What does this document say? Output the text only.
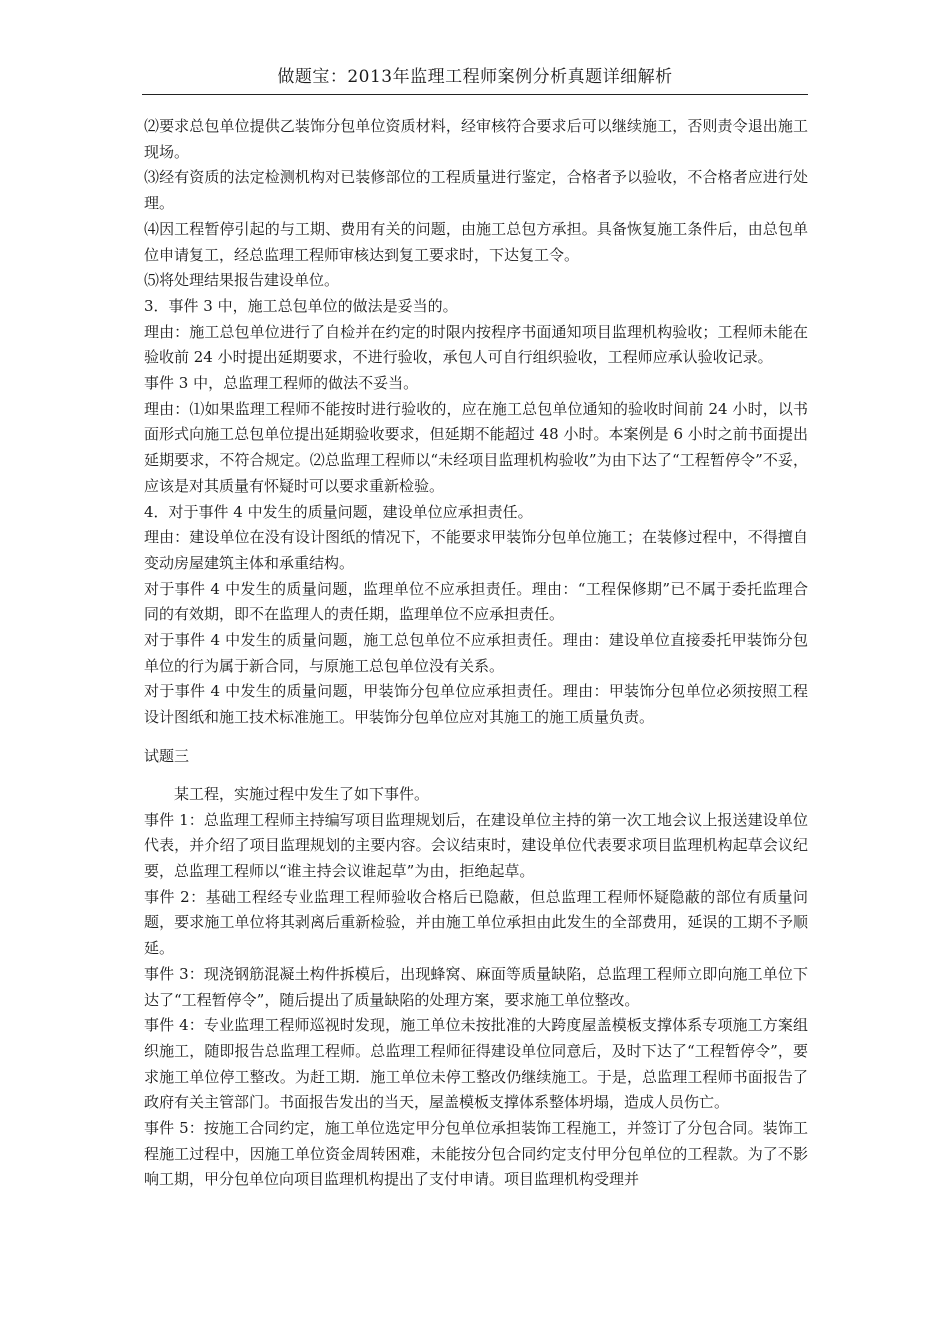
做题宝：2013年监理工程师案例分析真题详细解析

⑵要求总包单位提供乙装饰分包单位资质材料，经审核符合要求后可以继续施工，否则责令退出施工现场。

⑶经有资质的法定检测机构对已装修部位的工程质量进行鉴定，合格者予以验收，不合格者应进行处理。

⑷因工程暂停引起的与工期、费用有关的问题，由施工总包方承担。具备恢复施工条件后，由总包单位申请复工，经总监理工程师审核达到复工要求时，下达复工令。

⑸将处理结果报告建设单位。

3．事件 3 中，施工总包单位的做法是妥当的。

理由：施工总包单位进行了自检并在约定的时限内按程序书面通知项目监理机构验收；工程师未能在验收前 24 小时提出延期要求，不进行验收，承包人可自行组织验收，工程师应承认验收记录。

事件 3 中，总监理工程师的做法不妥当。

理由：⑴如果监理工程师不能按时进行验收的，应在施工总包单位通知的验收时间前 24 小时，以书面形式向施工总包单位提出延期验收要求，但延期不能超过 48 小时。本案例是 6 小时之前书面提出延期要求，不符合规定。⑵总监理工程师以“未经项目监理机构验收”为由下达了“工程暂停令”不妥，应该是对其质量有怀疑时可以要求重新检验。

4．对于事件 4 中发生的质量问题，建设单位应承担责任。

理由：建设单位在没有设计图纸的情况下，不能要求甲装饰分包单位施工；在装修过程中，不得擅自变动房屋建筑主体和承重结构。

对于事件 4 中发生的质量问题，监理单位不应承担责任。理由：“工程保修期”已不属于委托监理合同的有效期，即不在监理人的责任期，监理单位不应承担责任。

对于事件 4 中发生的质量问题，施工总包单位不应承担责任。理由：建设单位直接委托甲装饰分包单位的行为属于新合同，与原施工总包单位没有关系。

对于事件 4 中发生的质量问题，甲装饰分包单位应承担责任。理由：甲装饰分包单位必须按照工程设计图纸和施工技术标准施工。甲装饰分包单位应对其施工的施工质量负责。

试题三

某工程，实施过程中发生了如下事件。

事件 1：总监理工程师主持编写项目监理规划后，在建设单位主持的第一次工地会议上报送建设单位代表，并介绍了项目监理规划的主要内容。会议结束时，建设单位代表要求项目监理机构起草会议纪要，总监理工程师以“谁主持会议谁起草”为由，拒绝起草。

事件 2：基础工程经专业监理工程师验收合格后已隐蔽，但总监理工程师怀疑隐蔽的部位有质量问题，要求施工单位将其剥离后重新检验，并由施工单位承担由此发生的全部费用，延误的工期不予顺延。

事件 3：现浇钢筋混凝土构件拆模后，出现蜂窝、麻面等质量缺陷，总监理工程师立即向施工单位下达了“工程暂停令”，随后提出了质量缺陷的处理方案，要求施工单位整改。

事件 4：专业监理工程师巡视时发现，施工单位未按批准的大跨度屋盖模板支撑体系专项施工方案组织施工，随即报告总监理工程师。总监理工程师征得建设单位同意后，及时下达了“工程暂停令”，要求施工单位停工整改。为赶工期．施工单位未停工整改仍继续施工。于是，总监理工程师书面报告了政府有关主管部门。书面报告发出的当天，屋盖模板支撑体系整体坍塌，造成人员伤亡。

事件 5：按施工合同约定，施工单位选定甲分包单位承担装饰工程施工，并签订了分包合同。装饰工程施工过程中，因施工单位资金周转困难，未能按分包合同约定支付甲分包单位的工程款。为了不影响工期，甲分包单位向项目监理机构提出了支付申请。项目监理机构受理并
